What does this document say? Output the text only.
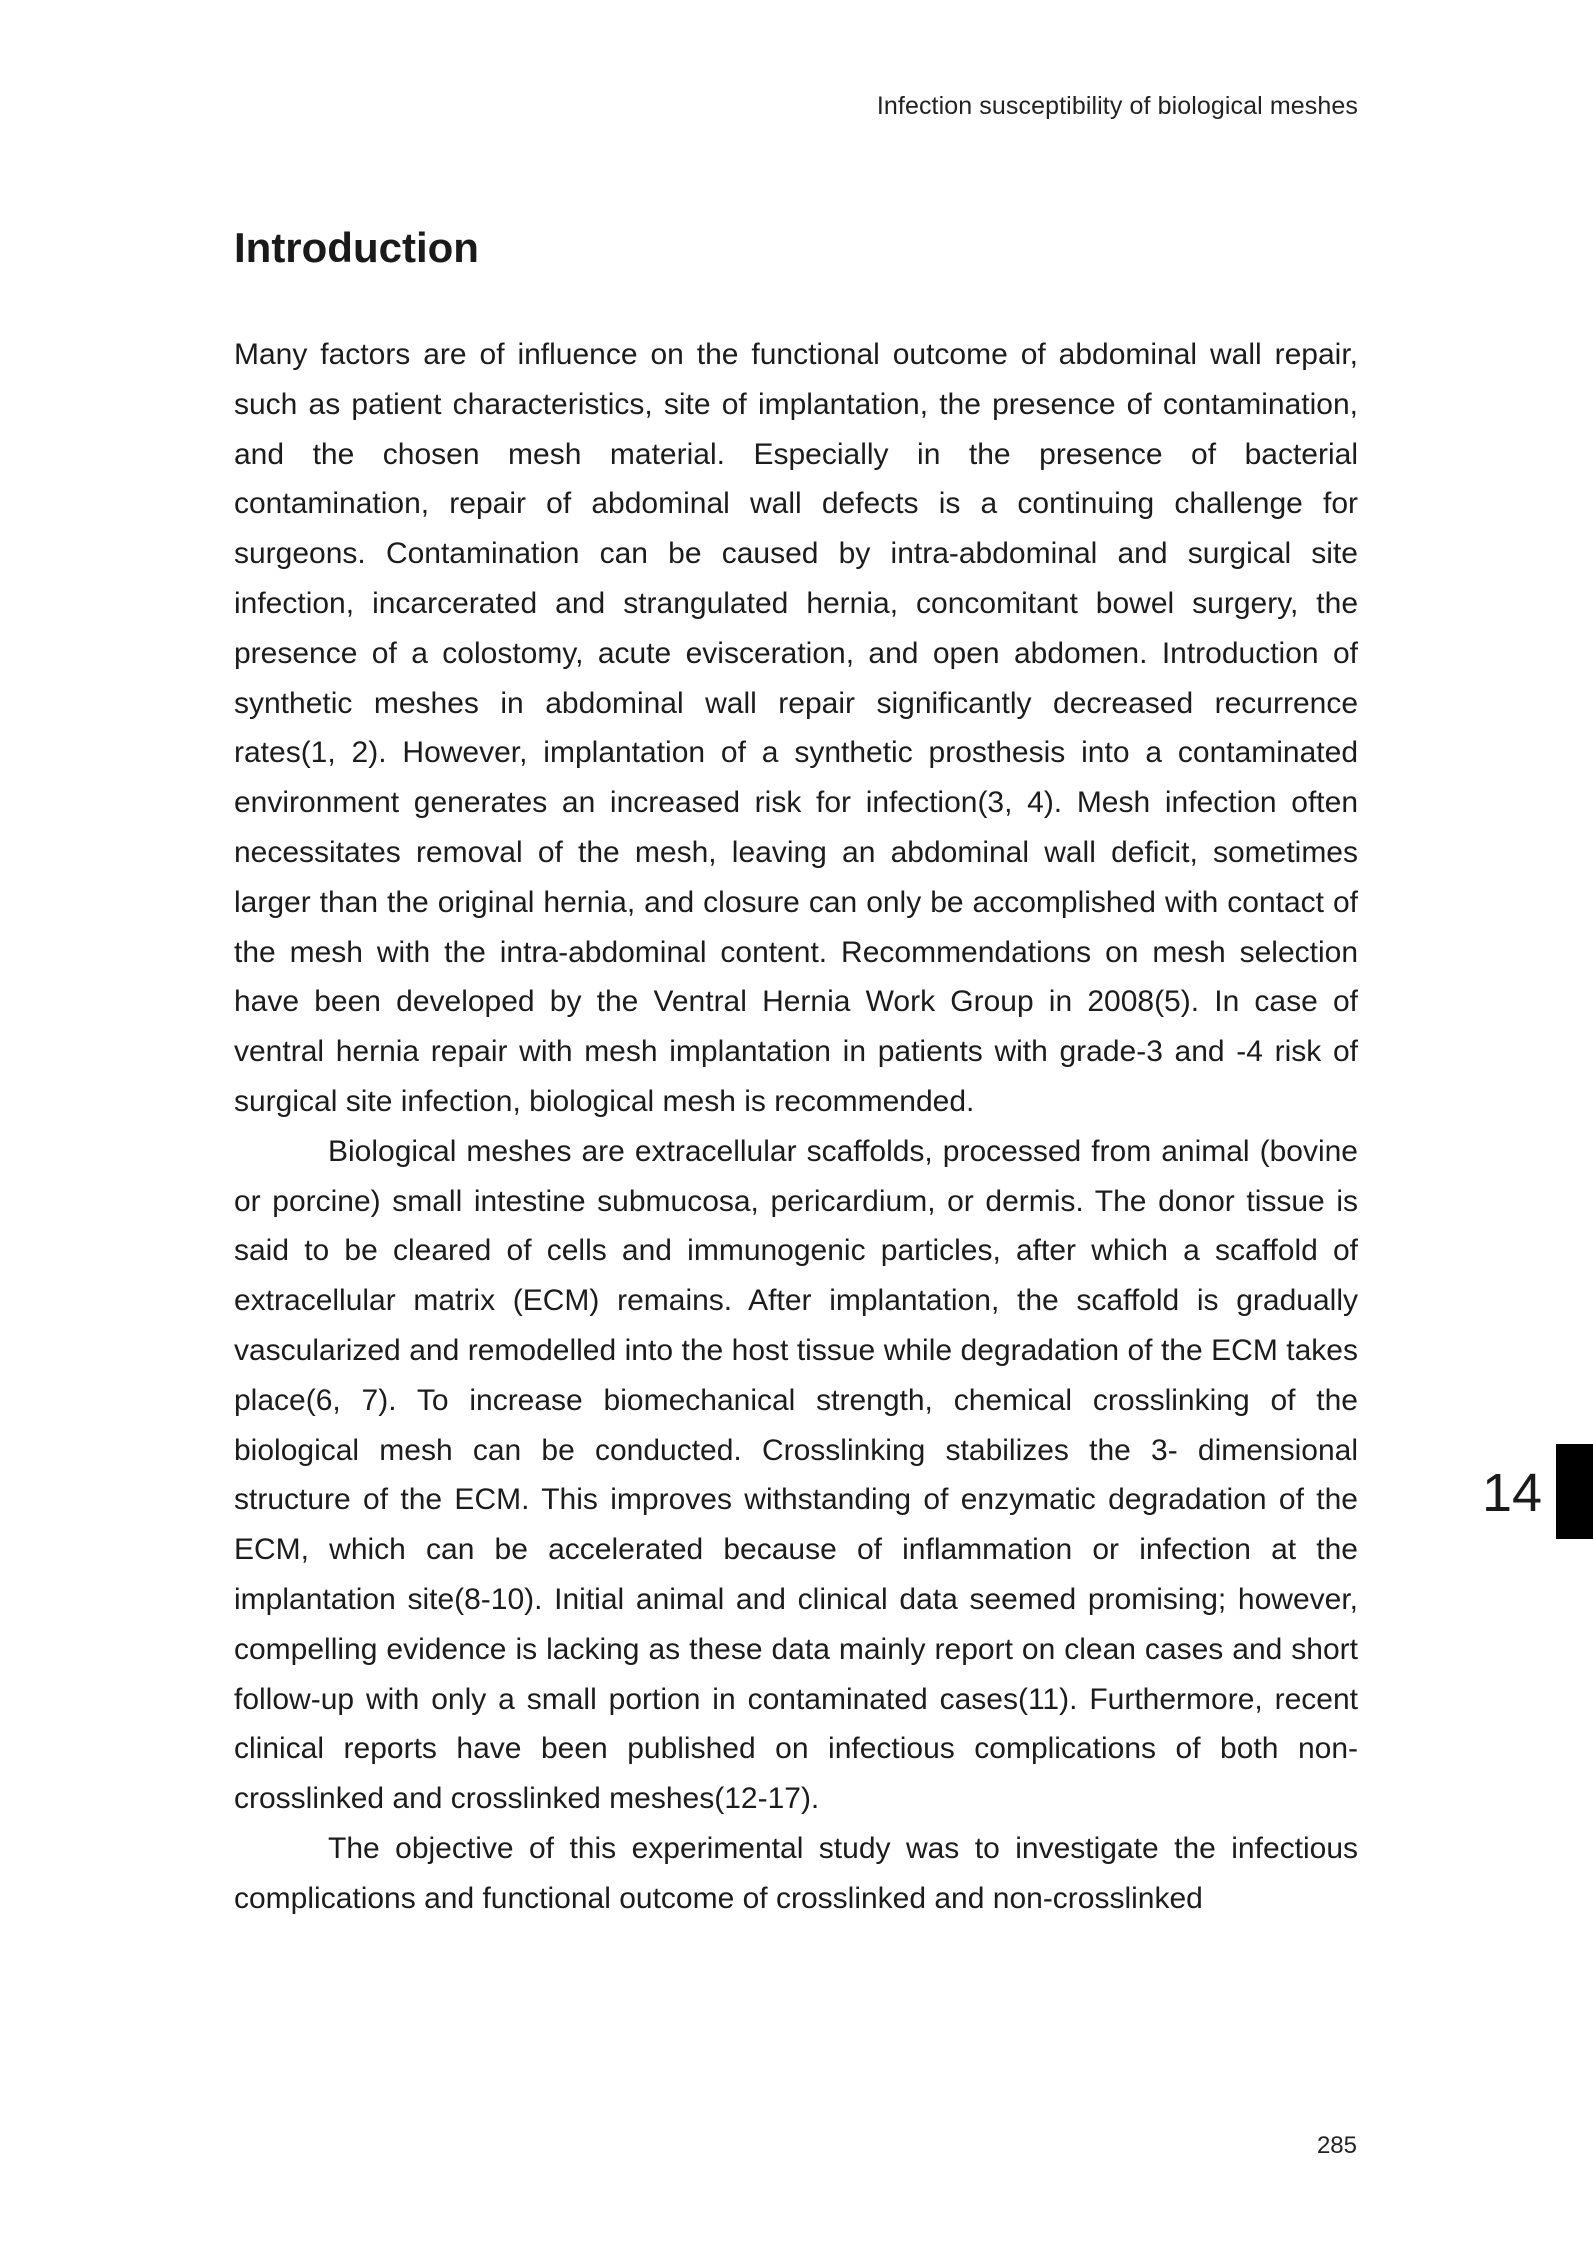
Infection susceptibility of biological meshes
Introduction

Many factors are of influence on the functional outcome of abdominal wall repair, such as patient characteristics, site of implantation, the presence of contamination, and the chosen mesh material. Especially in the presence of bacterial contamination, repair of abdominal wall defects is a continuing challenge for surgeons. Contamination can be caused by intra-abdominal and surgical site infection, incarcerated and strangulated hernia, concomitant bowel surgery, the presence of a colostomy, acute evisceration, and open abdomen. Introduction of synthetic meshes in abdominal wall repair significantly decreased recurrence rates(1, 2). However, implantation of a synthetic prosthesis into a contaminated environment generates an increased risk for infection(3, 4). Mesh infection often necessitates removal of the mesh, leaving an abdominal wall deficit, sometimes larger than the original hernia, and closure can only be accomplished with contact of the mesh with the intra-abdominal content. Recommendations on mesh selection have been developed by the Ventral Hernia Work Group in 2008(5). In case of ventral hernia repair with mesh implantation in patients with grade-3 and -4 risk of surgical site infection, biological mesh is recommended.

Biological meshes are extracellular scaffolds, processed from animal (bovine or porcine) small intestine submucosa, pericardium, or dermis. The donor tissue is said to be cleared of cells and immunogenic particles, after which a scaffold of extracellular matrix (ECM) remains. After implantation, the scaffold is gradually vascularized and remodelled into the host tissue while degradation of the ECM takes place(6, 7). To increase biomechanical strength, chemical crosslinking of the biological mesh can be conducted. Crosslinking stabilizes the 3- dimensional structure of the ECM. This improves withstanding of enzymatic degradation of the ECM, which can be accelerated because of inflammation or infection at the implantation site(8-10). Initial animal and clinical data seemed promising; however, compelling evidence is lacking as these data mainly report on clean cases and short follow-up with only a small portion in contaminated cases(11). Furthermore, recent clinical reports have been published on infectious complications of both non-crosslinked and crosslinked meshes(12-17).

The objective of this experimental study was to investigate the infectious complications and functional outcome of crosslinked and non-crosslinked

14
285
